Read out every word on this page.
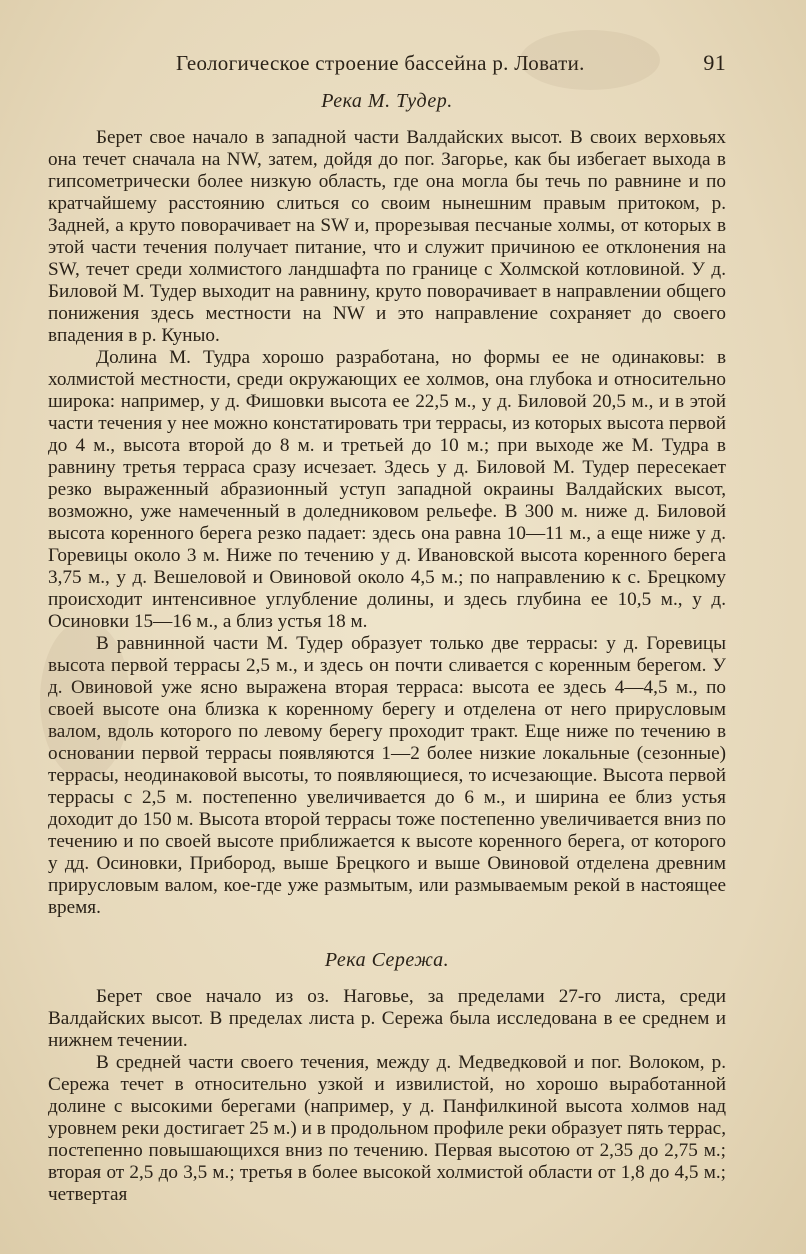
Геологическое строение бассейна р. Ловати.	91
Река М. Тудер.

Берет свое начало в западной части Валдайских высот. В своих верховьях она течет сначала на NW, затем, дойдя до пог. Загорье, как бы избегает выхода в гипсометрически более низкую область, где она могла бы течь по равнине и по кратчайшему расстоянию слиться со своим нынешним правым притоком, р. Задней, а круто поворачивает на SW и, прорезывая песчаные холмы, от которых в этой части течения получает питание, что и служит причиною ее отклонения на SW, течет среди холмистого ландшафта по границе с Холмской котловиной. У д. Биловой М. Тудер выходит на равнину, круто поворачивает в направлении общего понижения здесь местности на NW и это направление сохраняет до своего впадения в р. Куныо.

Долина М. Тудра хорошо разработана, но формы ее не одинаковы: в холмистой местности, среди окружающих ее холмов, она глубока и относительно широка: например, у д. Фишовки высота ее 22,5 м., у д. Биловой 20,5 м., и в этой части течения у нее можно констатировать три террасы, из которых высота первой до 4 м., высота второй до 8 м. и третьей до 10 м.; при выходе же М. Тудра в равнину третья терраса сразу исчезает. Здесь у д. Биловой М. Тудер пересекает резко выраженный абразионный уступ западной окраины Валдайских высот, возможно, уже намеченный в доледниковом рельефе. В 300 м. ниже д. Биловой высота коренного берега резко падает: здесь она равна 10—11 м., а еще ниже у д. Горевицы около 3 м. Ниже по течению у д. Ивановской высота коренного берега 3,75 м., у д. Вешеловой и Овиновой около 4,5 м.; по направлению к с. Брецкому происходит интенсивное углубление долины, и здесь глубина ее 10,5 м., у д. Осиновки 15—16 м., а близ устья 18 м.

В равнинной части М. Тудер образует только две террасы: у д. Горевицы высота первой террасы 2,5 м., и здесь он почти сливается с коренным берегом. У д. Овиновой уже ясно выражена вторая терраса: высота ее здесь 4—4,5 м., по своей высоте она близка к коренному берегу и отделена от него прирусловым валом, вдоль которого по левому берегу проходит тракт. Еще ниже по течению в основании первой террасы появляются 1—2 более низкие локальные (сезонные) террасы, неодинаковой высоты, то появляющиеся, то исчезающие. Высота первой террасы с 2,5 м. постепенно увеличивается до 6 м., и ширина ее близ устья доходит до 150 м. Высота второй террасы тоже постепенно увеличивается вниз по течению и по своей высоте приближается к высоте коренного берега, от которого у дд. Осиновки, Прибород, выше Брецкого и выше Овиновой отделена древним прирусловым валом, кое-где уже размытым, или размываемым рекой в настоящее время.

Река Сережа.

Берет свое начало из оз. Наговье, за пределами 27-го листа, среди Валдайских высот. В пределах листа р. Сережа была исследована в ее среднем и нижнем течении.

В средней части своего течения, между д. Медведковой и пог. Волоком, р. Сережа течет в относительно узкой и извилистой, но хорошо выработанной долине с высокими берегами (например, у д. Панфилкиной высота холмов над уровнем реки достигает 25 м.) и в продольном профиле реки образует пять террас, постепенно повышающихся вниз по течению. Первая высотою от 2,35 до 2,75 м.; вторая от 2,5 до 3,5 м.; третья в более высокой холмистой области от 1,8 до 4,5 м.; четвертая
